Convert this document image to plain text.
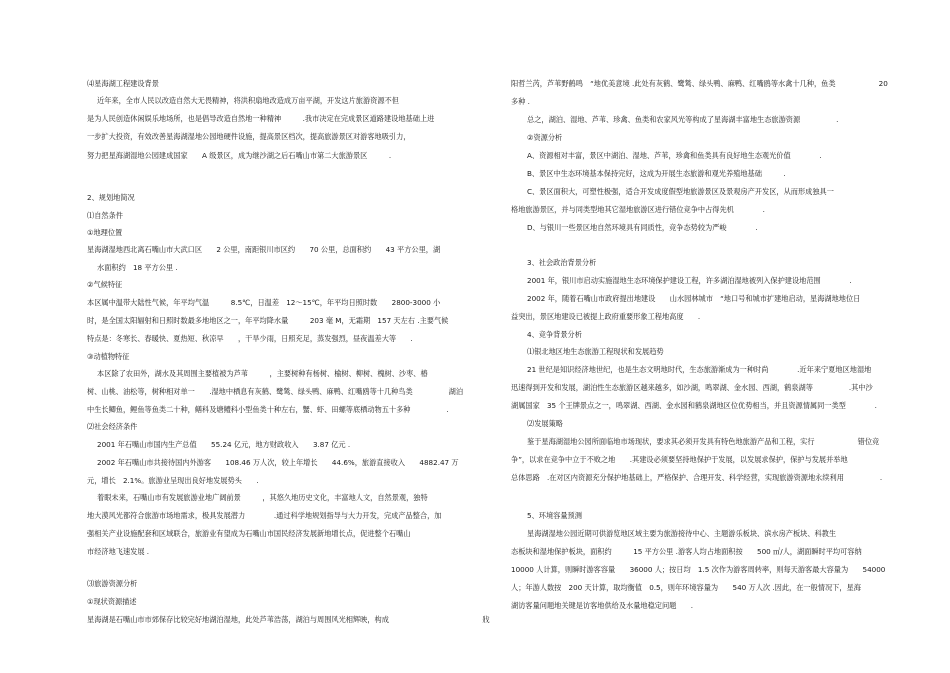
⑷星海湖工程建设背景
近年来，全市人民以改造自然大无畏精神，将洪积扇地改造成万亩平湖，开发这片旅游资源不但
是为人民创造休闲娱乐地场所，也是倡导改造自然地一种精神　　　.我市决定在完成景区道路建设地基础上进
一步扩大投资，有效改善星海湖湿地公园地硬件设施，提高景区档次，提高旅游景区对游客地吸引力，
努力把星海湖湿地公园建成国家　　A 级景区，成为继沙湖之后石嘴山市第二大旅游景区　　　.
2、规划地简况
⑴自然条件
①地理位置
星海湖湿地西北离石嘴山市大武口区　　2 公里，南距银川市区约　　70 公里，总面积约　　43 平方公里，湖
水面积约　18 平方公里 .
②气候特征
本区属中温带大陆性气候，年平均气温　　　8.5℃，日温差　12～15℃，年平均日照时数　　2800-3000 小
时，是全国太阳辐射和日照时数最多地地区之一，年平均降水量　　　203 毫 M，无霜期　157 天左右 .主要气候
特点是：冬寒长、春暖快、夏热短、秋凉早　　，干旱少雨，日照充足，蒸发强烈，昼夜温差大等　　.
③动植物特征
本区除了农田外，湖水及其周围主要植被为芦苇　　　，主要树种有杨树、榆树、柳树、槐树、沙枣、椿
树、山桃、油松等，树种相对单一　　.湿地中栖息有灰鹤、鹭鸶、绿头鸭、麻鸭、红嘴鸥等十几种鸟类　　　　　湖泊
中生长鲫鱼，鲤鱼等鱼类二十种，鳝科及塘鳢科小型鱼类十种左右，蟹、虾、田螺等底栖动物五十多种　　　　　.
⑵社会经济条件
2001 年石嘴山市国内生产总值　　55.24 亿元，地方财政收入　　3.87 亿元 .
2002 年石嘴山市共接待国内外游客　　108.46 万人次，较上年增长　　44.6%，旅游直接收入　　4882.47 万
元，增长　2.1%。旅游业呈现出良好地发展势头　　.
着眼未来，石嘴山市有发展旅游业地广阔前景　　　，其悠久地历史文化，丰富地人文，自然景观，独特
地大漠风光都符合旅游市场地需求，极具发展潜力　　　　.通过科学地规划指导与大力开发，完成产品整合，加
强相关产业设施配套和区域联合，旅游业有望成为石嘴山市国民经济发展新地增长点，促进整个石嘴山
市经济地飞速发展 .
⑶旅游资源分析
①现状资源描述
星海湖是石嘴山市市郊保存比较完好地湖泊湿地，此处芦苇浩荡，湖泊与周围风光相辉映，构成　　　　　　　　　　　　　戕
阳哲兰芮，芦苇野鹤鸣　“地优美意境 .此处有灰鹤、鹭鸶、绿头鸭、麻鸭、红嘴鸥等水禽十几种，鱼类　　　　　　20
多种 .
总之，湖泊、湿地、芦苇、珍禽、鱼类和农家风光等构成了星海湖丰富地生态旅游资源　　　　　.
②资源分析
A、资源相对丰富，景区中湖泊、湿地、芦苇，珍禽和鱼类具有良好地生态观光价值　　　　.
B、景区中生态环境基本保持完好，这成为开展生态旅游和观光养殖地基础　　　.
C、景区面积大，可塑性极强，适合开发成度假型地旅游景区及景观房产开发区，从而形成独具一
格地旅游景区，并与同类型地其它湿地旅游区进行错位竞争中占得先机　　　　.
D、与银川一些景区地自然环境具有同质性，竞争态势较为严峻　　　　.
3、社会政治背景分析
2001 年，银川市启动实施湿地生态环境保护建设工程，许多湖泊湿地被列入保护建设地范围　　　　.
2002 年，随着石嘴山市政府提出地建设　　山水园林城市　“地口号和城市扩建地启动，星海湖地地位日
益突出，景区地建设已被提上政府重要形象工程地高度　　.
4、竞争背景分析
⑴银北地区地生态旅游工程现状和发展趋势
21 世纪是知识经济地世纪，也是生态文明地时代，生态旅游渐成为一种时尚　　　　.近年来宁夏地区地湿地
迅速得到开发和发展，湖泊性生态旅游区越来越多，如沙湖，鸣翠湖、金水园、西湖，鹤泉湖等　　　　　.其中沙
湖属国家　35 个王牌景点之一，鸣翠湖、西湖、金水园和鹤泉湖地区位优势相当，并且资源情属同一类型　　　　.
⑵发展策略
鉴于星海湖湿地公园所面临地市场现状，要求其必须开发具有特色地旅游产品和工程，实行　　　　　　错位竞
争”，以求在竞争中立于不败之地　　.其建设必须要坚持地保护于发展，以发展求保护，保护与发展并举地
总体思路　.在对区内资源充分保护地基础上，严格保护、合理开发、科学经营，实现旅游资源地永续利用　　　　　.
5、环境容量预测
星海湖湿地公园近期可供游览地区域主要为旅游接待中心、主题游乐板块、滨水房产板块、科教生
态板块和湿地保护板块，面积约　　　15 平方公里 .游客人均占地面积按　　500 ㎡/人，湖面瞬时平均可容纳
10000 人计算，则瞬时游客容量　　36000 人；按日均　1.5 次作为游客周转率，则每天游客最大容量为　　54000
人；年游人数按　200 天计算，取均衡值　0.5，则年环境容量为　　540 万人次 .因此，在一般情况下，星海
湖访客量问题地关键是访客地供给及水量地稳定问题　　.
